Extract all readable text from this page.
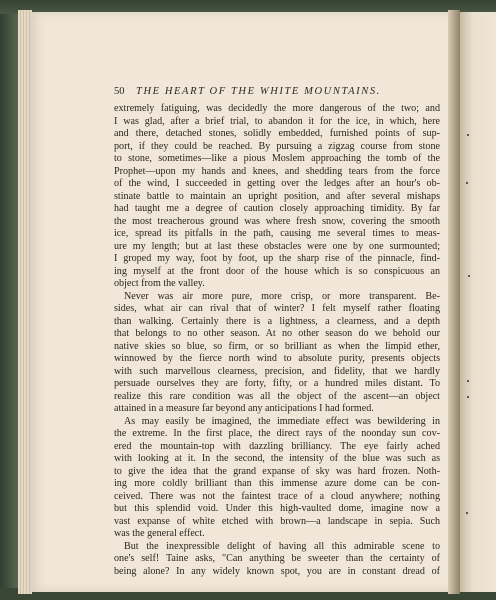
50 THE HEART OF THE WHITE MOUNTAINS.
extremely fatiguing, was decidedly the more dangerous of the two; and
I was glad, after a brief trial, to abandon it for the ice, in which, here
and there, detached stones, solidly embedded, furnished points of sup-
port, if they could be reached. By pursuing a zigzag course from stone
to stone, sometimes—like a pious Moslem approaching the tomb of the
Prophet—upon my hands and knees, and shedding tears from the force
of the wind, I succeeded in getting over the ledges after an hour's ob-
stinate battle to maintain an upright position, and after several mishaps
had taught me a degree of caution closely approaching timidity. By far
the most treacherous ground was where fresh snow, covering the smooth
ice, spread its pitfalls in the path, causing me several times to meas-
ure my length; but at last these obstacles were one by one surmounted;
I groped my way, foot by foot, up the sharp rise of the pinnacle, find-
ing myself at the front door of the house which is so conspicuous an
object from the valley.
Never was air more pure, more crisp, or more transparent. Be-
sides, what air can rival that of winter? I felt myself rather floating
than walking. Certainly there is a lightness, a clearness, and a depth
that belongs to no other season. At no other season do we behold our
native skies so blue, so firm, or so brilliant as when the limpid ether,
winnowed by the fierce north wind to absolute purity, presents objects
with such marvellous clearness, precision, and fidelity, that we hardly
persuade ourselves they are forty, fifty, or a hundred miles distant. To
realize this rare condition was all the object of the ascent—an object
attained in a measure far beyond any anticipations I had formed.
As may easily be imagined, the immediate effect was bewildering in
the extreme. In the first place, the direct rays of the noonday sun cov-
ered the mountain-top with dazzling brilliancy. The eye fairly ached
with looking at it. In the second, the intensity of the blue was such as
to give the idea that the grand expanse of sky was hard frozen. Noth-
ing more coldly brilliant than this immense azure dome can be con-
ceived. There was not the faintest trace of a cloud anywhere; nothing
but this splendid void. Under this high-vaulted dome, imagine now a
vast expanse of white etched with brown—a landscape in sepia. Such
was the general effect.
But the inexpressible delight of having all this admirable scene to
one's self! Taine asks, "Can anything be sweeter than the certainty of
being alone? In any widely known spot, you are in constant dread of
